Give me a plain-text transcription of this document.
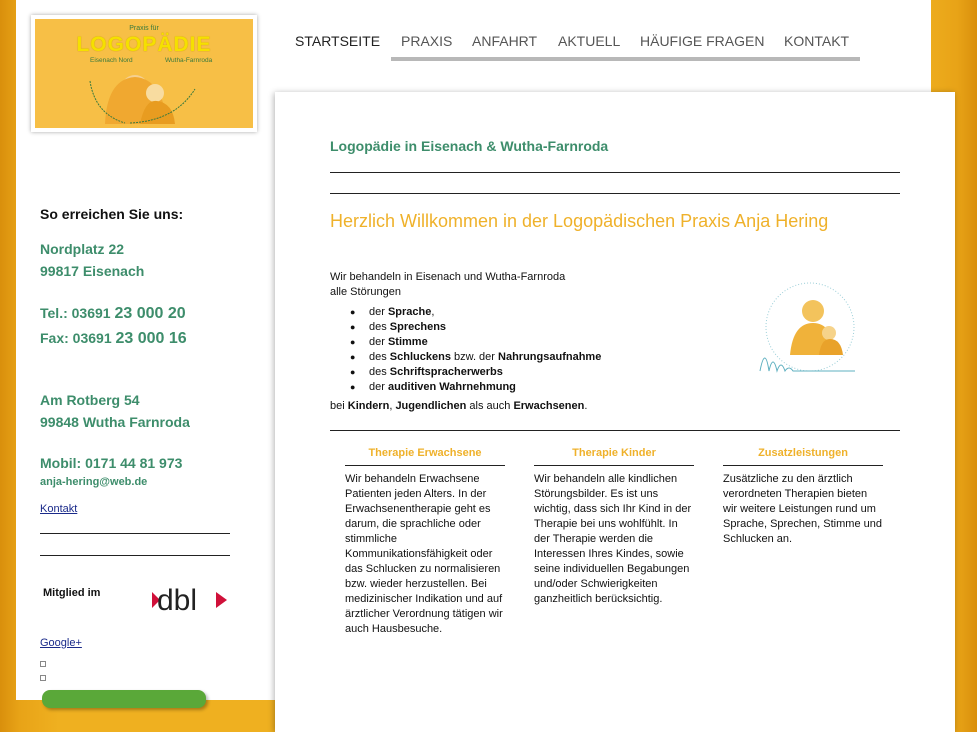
Praxis für
LOGOPÄDIE
Eisenach Nord	Wutha-Farnroda
STARTSEITE PRAXIS ANFAHRT AKTUELL HÄUFIGE FRAGEN KONTAKT
So erreichen Sie uns:
Nordplatz 22
99817 Eisenach
Tel.: 03691 23 000 20
Fax: 03691 23 000 16
Am Rotberg 54
99848 Wutha Farnroda
Mobil: 0171 44 81 973
anja-hering@web.de
Kontakt
Mitglied im dbl
Google+
Logopädie in Eisenach & Wutha-Farnroda
Herzlich Willkommen in der Logopädischen Praxis Anja Hering
Wir behandeln in Eisenach und Wutha-Farnroda
alle Störungen
● der Sprache,
● des Sprechens
● der Stimme
● des Schluckens bzw. der Nahrungsaufnahme
● des Schriftspracherwerbs
● der auditiven Wahrnehmung
bei Kindern, Jugendlichen als auch Erwachsenen.
Therapie Erwachsene

Wir behandeln Erwachsene Patienten jeden Alters. In der Erwachsenentherapie geht es darum, die sprachliche oder stimmliche Kommunikationsfähigkeit oder das Schlucken zu normalisieren bzw. wieder herzustellen. Bei medizinischer Indikation und auf ärztlicher Verordnung tätigen wir auch Hausbesuche.

Therapie Kinder

Wir behandeln alle kindlichen Störungsbilder. Es ist uns wichtig, dass sich Ihr Kind in der Therapie bei uns wohlfühlt. In der Therapie werden die Interessen Ihres Kindes, sowie seine individuellen Begabungen und/oder Schwierigkeiten ganzheitlich berücksichtig.

Zusatzleistungen

Zusätzliche zu den ärztlich verordneten Therapien bieten wir weitere Leistungen rund um Sprache, Sprechen, Stimme und Schlucken an.
